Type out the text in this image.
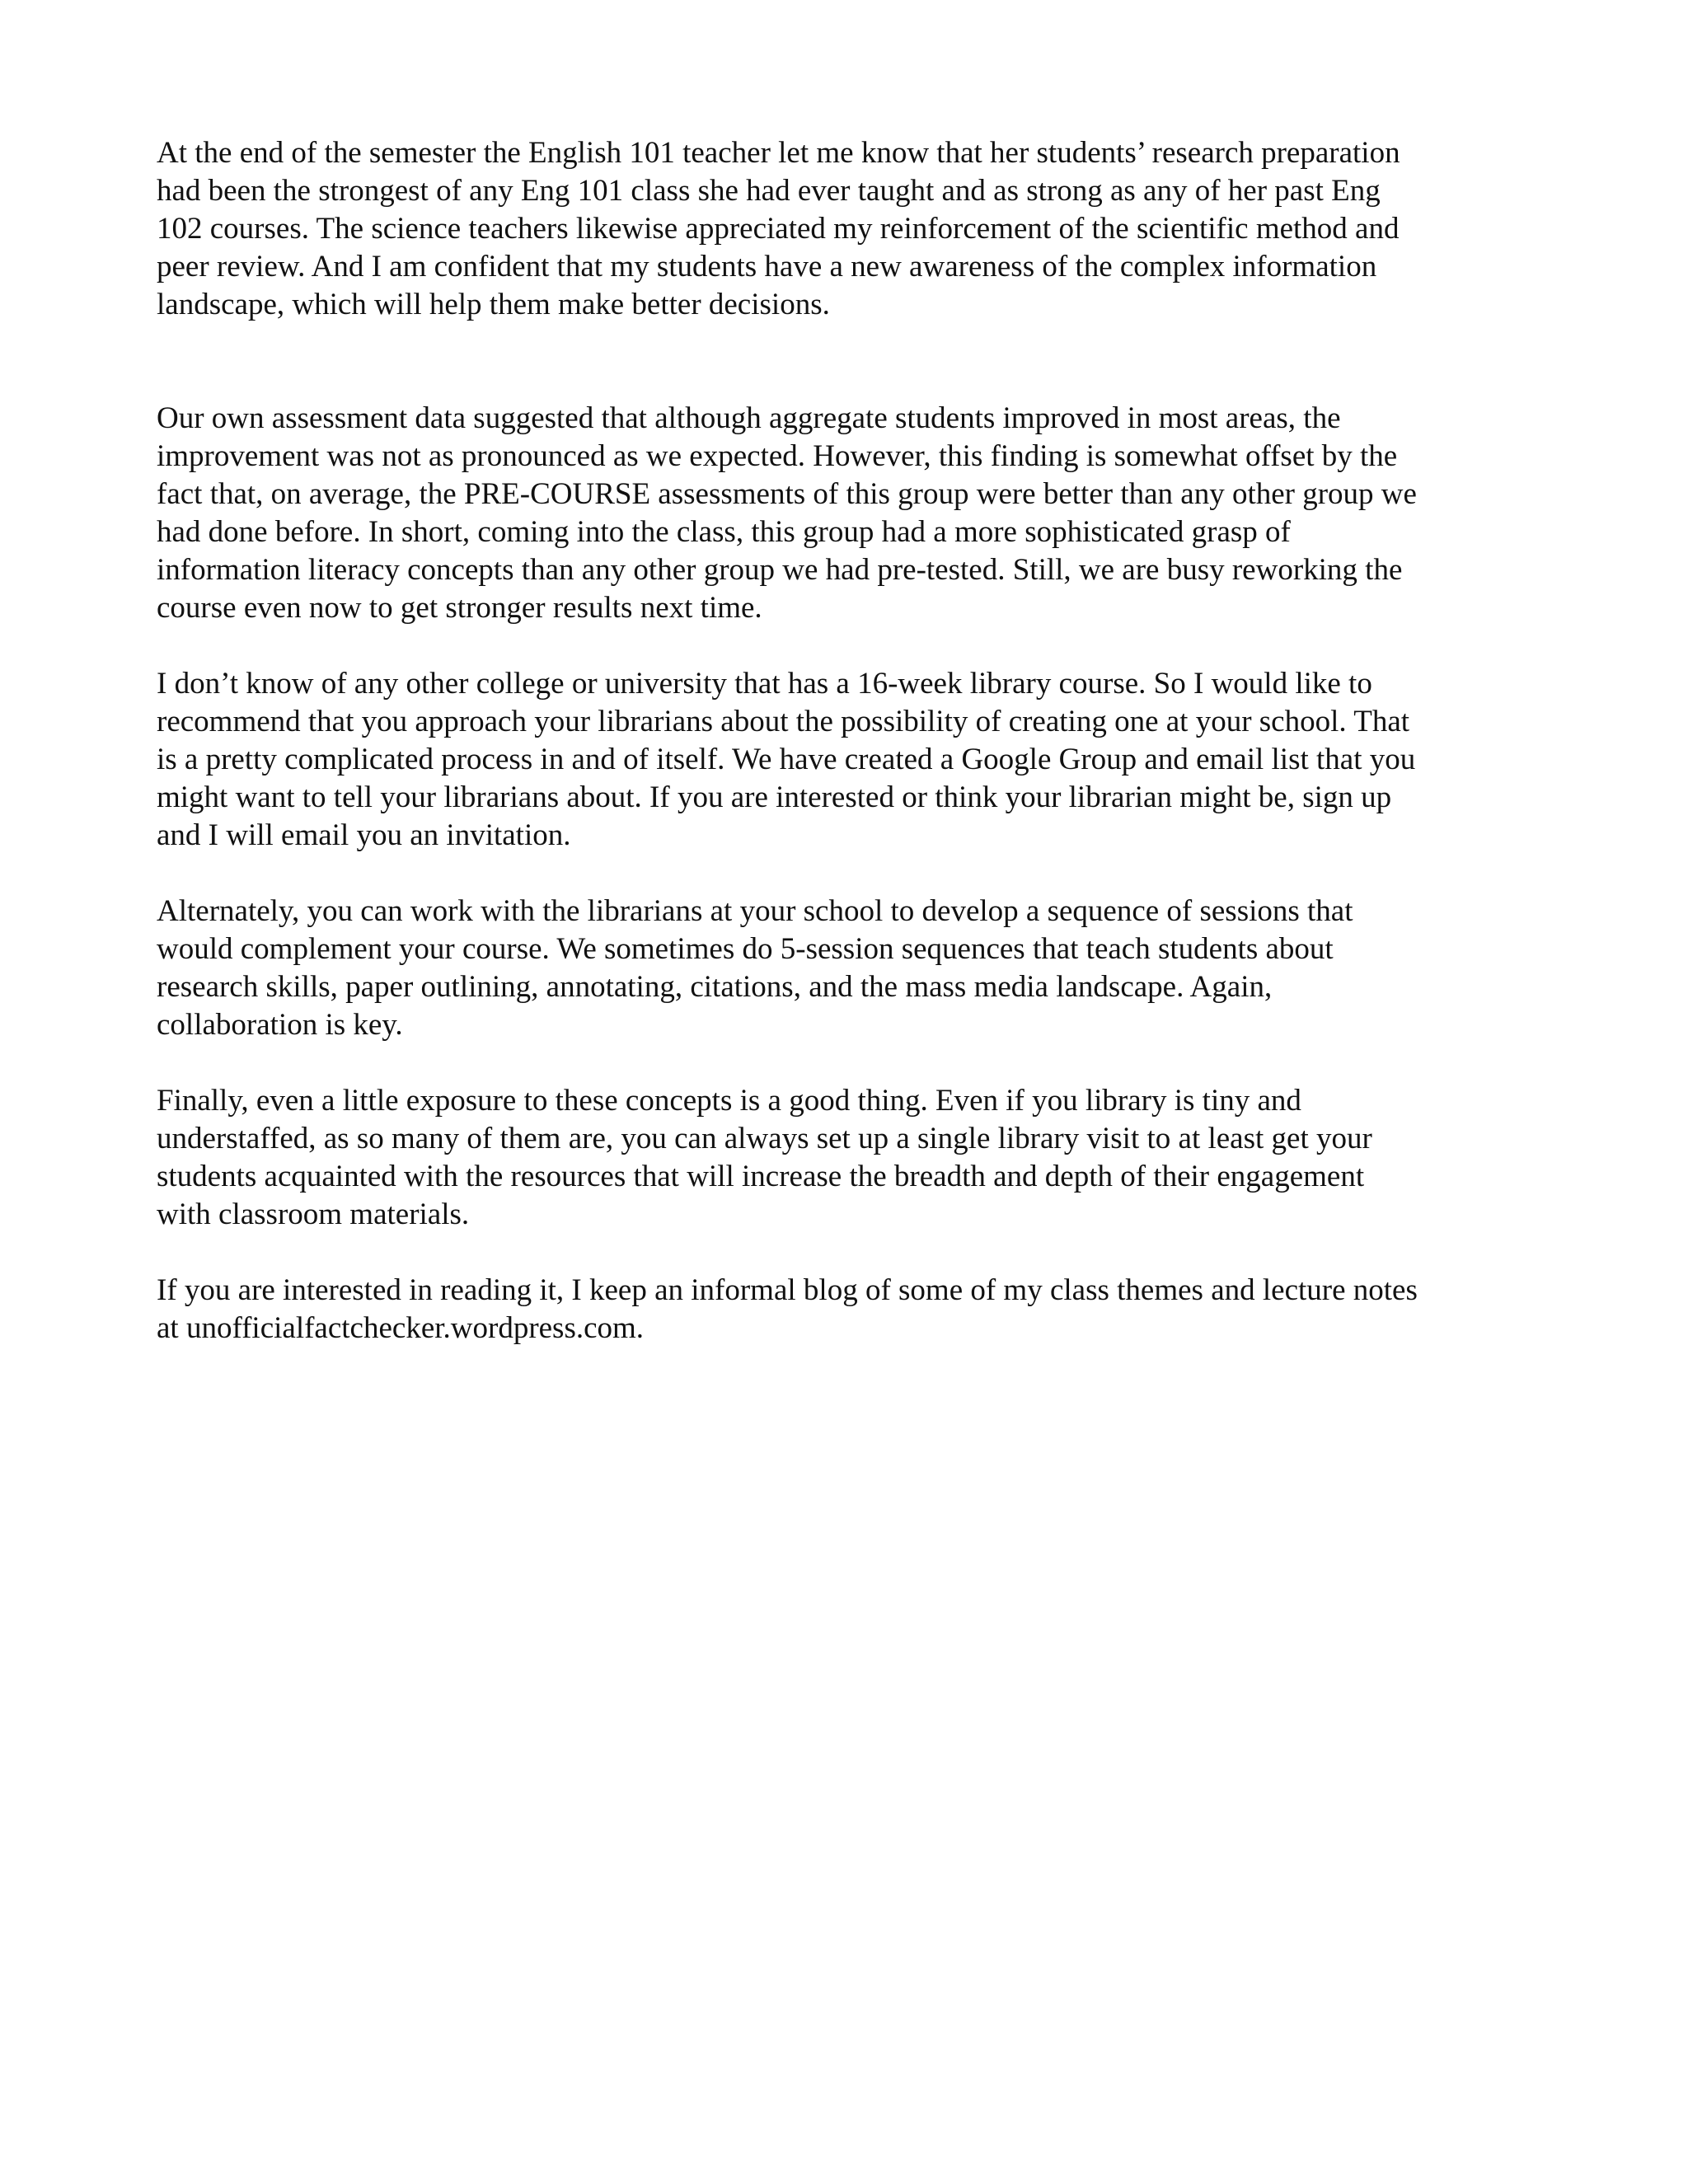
At the end of the semester the English 101 teacher let me know that her students’ research preparation
had been the strongest of any Eng 101 class she had ever taught and as strong as any of her past Eng
102 courses. The science teachers likewise appreciated my reinforcement of the scientific method and
peer review. And I am confident that my students have a new awareness of the complex information
landscape, which will help them make better decisions.

Our own assessment data suggested that although aggregate students improved in most areas, the
improvement was not as pronounced as we expected. However, this finding is somewhat offset by the
fact that, on average, the PRE-COURSE assessments of this group were better than any other group we
had done before. In short, coming into the class, this group had a more sophisticated grasp of
information literacy concepts than any other group we had pre-tested. Still, we are busy reworking the
course even now to get stronger results next time.

I don’t know of any other college or university that has a 16-week library course. So I would like to
recommend that you approach your librarians about the possibility of creating one at your school. That
is a pretty complicated process in and of itself. We have created a Google Group and email list that you
might want to tell your librarians about. If you are interested or think your librarian might be, sign up
and I will email you an invitation.

Alternately, you can work with the librarians at your school to develop a sequence of sessions that
would complement your course. We sometimes do 5-session sequences that teach students about
research skills, paper outlining, annotating, citations, and the mass media landscape. Again,
collaboration is key.

Finally, even a little exposure to these concepts is a good thing. Even if you library is tiny and
understaffed, as so many of them are, you can always set up a single library visit to at least get your
students acquainted with the resources that will increase the breadth and depth of their engagement
with classroom materials.

If you are interested in reading it, I keep an informal blog of some of my class themes and lecture notes
at unofficialfactchecker.wordpress.com.
